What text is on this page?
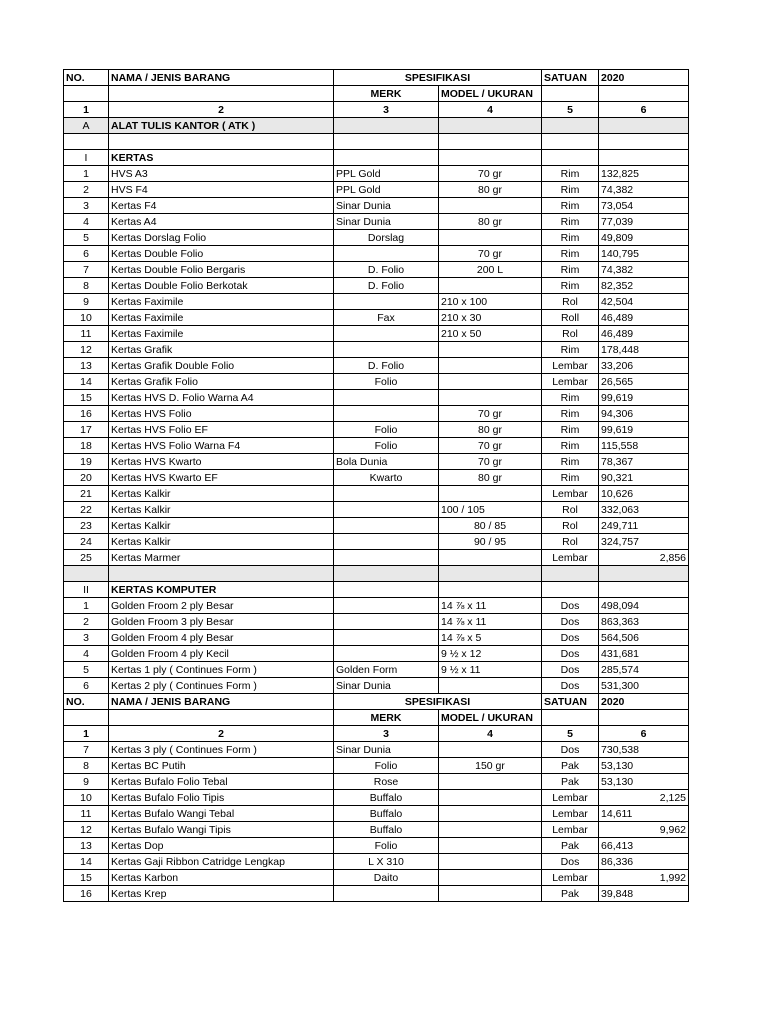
NO.	NAMA / JENIS BARANG	SPESIFIKASI		SATUAN	2020
		MERK	MODEL / UKURAN		
1	2	3	4	5	6
A	ALAT TULIS KANTOR ( ATK )				

I	KERTAS				
1	HVS A3	PPL Gold	70 gr	Rim	132,825
2	HVS F4	PPL Gold	80 gr	Rim	74,382
3	Kertas F4	Sinar Dunia		Rim	73,054
4	Kertas A4	Sinar Dunia	80 gr	Rim	77,039
5	Kertas Dorslag Folio	Dorslag		Rim	49,809
6	Kertas Double Folio		70 gr	Rim	140,795
7	Kertas Double Folio Bergaris	D. Folio	200 L	Rim	74,382
8	Kertas Double Folio Berkotak	D. Folio		Rim	82,352
9	Kertas Faximile		210 x 100	Rol	42,504
10	Kertas Faximile	Fax	210 x 30	Roll	46,489
11	Kertas Faximile		210 x 50	Rol	46,489
12	Kertas Grafik			Rim	178,448
13	Kertas Grafik Double Folio	D. Folio		Lembar	33,206
14	Kertas Grafik Folio	Folio		Lembar	26,565
15	Kertas HVS D. Folio Warna A4			Rim	99,619
16	Kertas HVS Folio		70 gr	Rim	94,306
17	Kertas HVS Folio EF	Folio	80 gr	Rim	99,619
18	Kertas HVS Folio Warna F4	Folio	70 gr	Rim	115,558
19	Kertas HVS Kwarto	Bola Dunia	70 gr	Rim	78,367
20	Kertas HVS Kwarto EF	Kwarto	80 gr	Rim	90,321
21	Kertas Kalkir			Lembar	10,626
22	Kertas Kalkir		100 / 105	Rol	332,063
23	Kertas Kalkir		80 / 85	Rol	249,711
24	Kertas Kalkir		90 / 95	Rol	324,757
25	Kertas Marmer			Lembar	2,856

II	KERTAS KOMPUTER				
1	Golden Froom 2 ply Besar		14 ⅞ x 11	Dos	498,094
2	Golden Froom 3 ply Besar		14 ⅞ x 11	Dos	863,363
3	Golden Froom 4 ply Besar		14 ⅞ x 5	Dos	564,506
4	Golden Froom 4 ply Kecil		9 ½ x 12	Dos	431,681
5	Kertas 1 ply ( Continues Form )	Golden Form	9 ½ x 11	Dos	285,574
6	Kertas 2 ply ( Continues Form )	Sinar Dunia		Dos	531,300
NO.	NAMA / JENIS BARANG	SPESIFIKASI		SATUAN	2020
		MERK	MODEL / UKURAN		
1	2	3	4	5	6
7	Kertas 3 ply ( Continues Form )	Sinar Dunia		Dos	730,538
8	Kertas BC Putih	Folio	150 gr	Pak	53,130
9	Kertas Bufalo Folio Tebal	Rose		Pak	53,130
10	Kertas Bufalo Folio Tipis	Buffalo		Lembar	2,125
11	Kertas Bufalo Wangi Tebal	Buffalo		Lembar	14,611
12	Kertas Bufalo Wangi Tipis	Buffalo		Lembar	9,962
13	Kertas Dop	Folio		Pak	66,413
14	Kertas Gaji Ribbon Catridge Lengkap	L X 310		Dos	86,336
15	Kertas Karbon	Daito		Lembar	1,992
16	Kertas Krep			Pak	39,848
